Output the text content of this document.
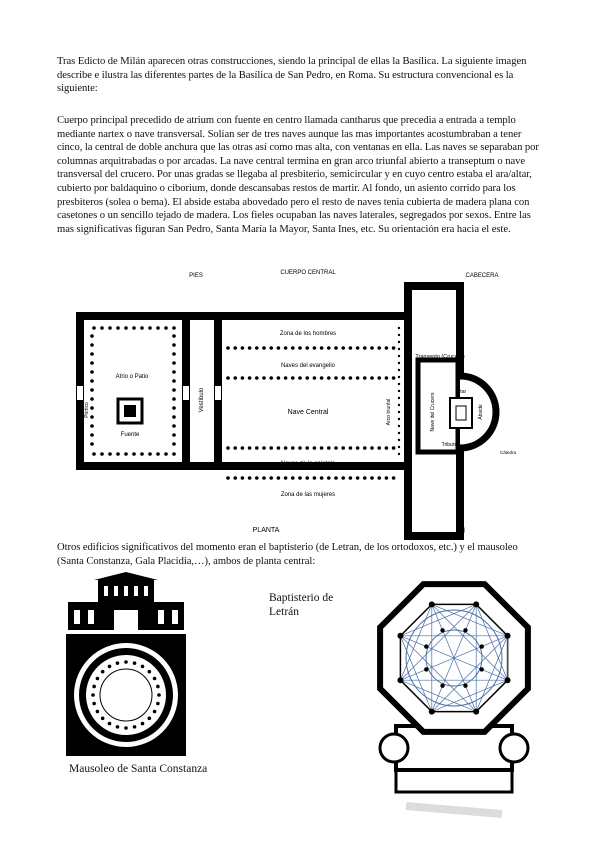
Tras Edicto de Milán aparecen otras construcciones, siendo la principal de ellas la Basílica. La siguiente imagen describe e ilustra las diferentes partes de la Basílica de San Pedro, en Roma. Su estructura convencional es la siguiente:

Cuerpo principal precedido de atrium con fuente en centro llamada cantharus que precedia a entrada a templo mediante nartex o nave transversal. Solían ser de tres naves aunque las mas importantes acostumbraban a tener cinco, la central de doble anchura que las otras así como mas alta, con ventanas en ella. Las naves se separaban por columnas arquitrabadas o por arcadas. La nave central termina en gran arco triunfal abierto a transeptum o nave transversal del crucero. Por unas gradas se llegaba al presbiterio, semicircular y en cuyo centro estaba el ara/altar, cubierto por baldaquino o ciborium, donde descansabas restos de martir. Al fondo, un asiento corrido para los presbiteros (solea o bema). El abside estaba abovedado pero el resto de naves tenia cubierta de madera plana con casetones o un sencillo tejado de madera. Los fieles ocupaban las naves laterales, segregados por sexos. Entre las mas significativas figuran San Pedro, Santa María la Mayor, Santa Ines, etc. Su orientación era hacia el este.

PIES	CUERPO CENTRAL	CABECERA
Fuente
Atrio o Patio
Pórtico	Vestíbulo
Zona de los hombres
Naves del evangelio
Nave Central
Naves de la epístola
Zona de las mujeres
Arco triunfal	Nave del Crucero
Transepto (Crucero)
Tribuna
Altar
Ábside
Cátedra
PLANTA	JJ

Otros edificios significativos del momento eran el baptisterio (de Letran, de los ortodoxos, etc.) y el mausoleo (Santa Constanza, Gala Placidia,…), ambos de planta central:

Mausoleo de Santa Constanza
Baptisterio de Letrán
